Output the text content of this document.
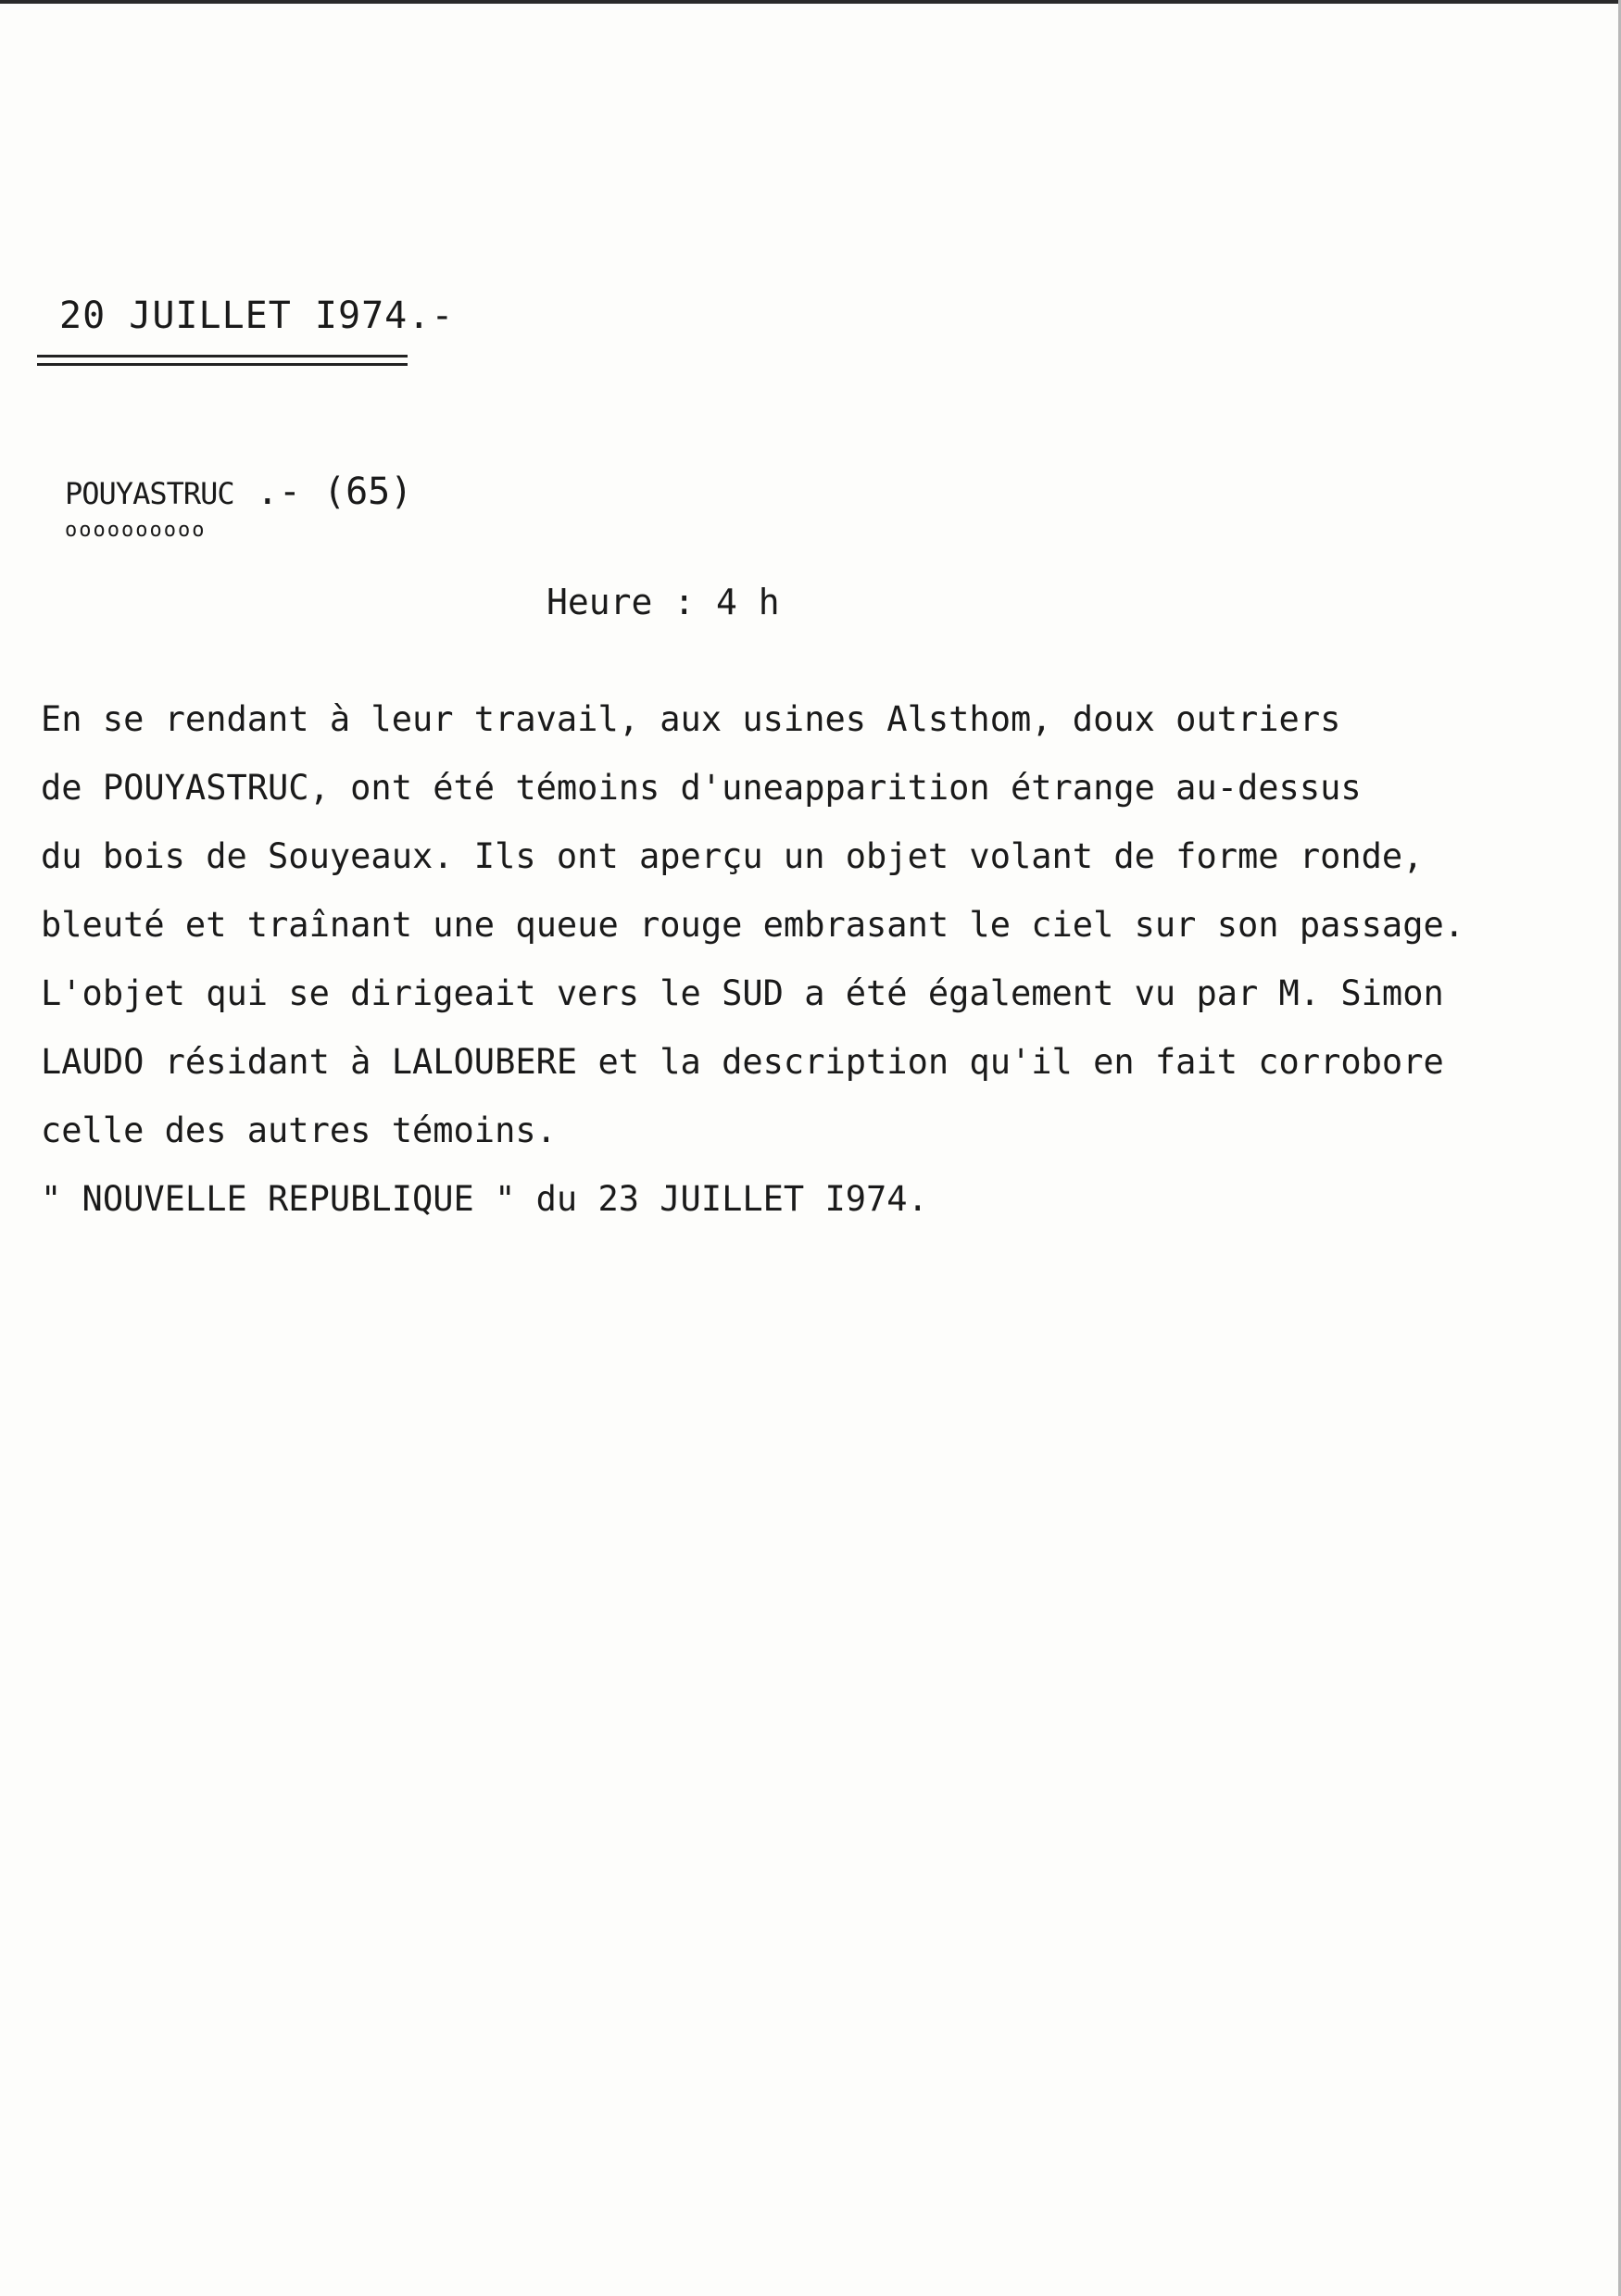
20 JUILLET I974.-
POUYASTRUC .- (65)
oooooooooo
Heure : 4 h
En se rendant à leur travail, aux usines Alsthom, doux outriers
de POUYASTRUC, ont été témoins d'uneapparition étrange au-dessus
du bois de Souyeaux. Ils ont aperçu un objet volant de forme ronde,
bleuté et traînant une queue rouge embrasant le ciel sur son passage.
L'objet qui se dirigeait vers le SUD a été également vu par M. Simon
LAUDO résidant à LALOUBERE et la description qu'il en fait corrobore
celle des autres témoins.
" NOUVELLE REPUBLIQUE " du 23 JUILLET I974.
